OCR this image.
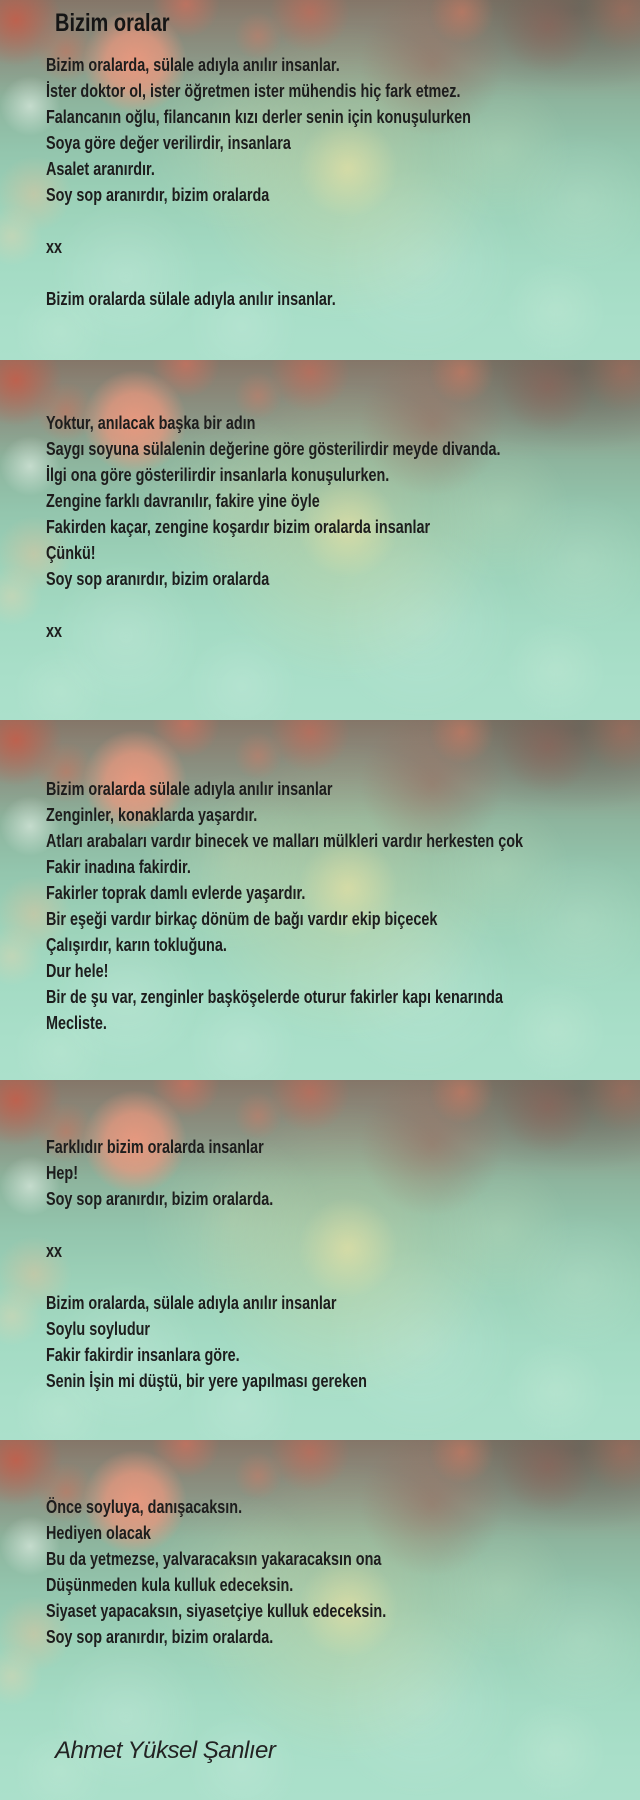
Bizim oralar
Bizim oralarda, sülale adıyla anılır insanlar.
İster doktor ol, ister öğretmen ister mühendis hiç fark etmez.
Falancanın oğlu, filancanın kızı derler senin için konuşulurken
Soya göre değer verilirdir, insanlara
Asalet aranırdır.
Soy sop aranırdır, bizim oralarda

xx

Bizim oralarda sülale adıyla anılır insanlar.
Yoktur, anılacak başka bir adın
Saygı soyuna sülalenin değerine göre gösterilirdir meyde divanda.
İlgi ona göre gösterilirdir insanlarla konuşulurken.
Zengine farklı davranılır, fakire yine öyle
Fakirden kaçar, zengine koşardır bizim oralarda insanlar
Çünkü!
Soy sop aranırdır, bizim oralarda

xx
Bizim oralarda sülale adıyla anılır insanlar
Zenginler, konaklarda yaşardır.
Atları arabaları vardır binecek ve malları mülkleri vardır herkesten çok
Fakir inadına fakirdir.
Fakirler toprak damlı evlerde yaşardır.
Bir eşeği vardır birkaç dönüm de bağı vardır ekip biçecek
Çalışırdır, karın tokluğuna.
Dur hele!
Bir de şu var, zenginler başköşelerde oturur fakirler kapı kenarında
Mecliste.
Farklıdır bizim oralarda insanlar
Hep!
Soy sop aranırdır, bizim oralarda.

xx

Bizim oralarda, sülale adıyla anılır insanlar
Soylu soyludur
Fakir fakirdir insanlara göre.
Senin İşin mi düştü, bir yere yapılması gereken
Önce soyluya, danışacaksın.
Hediyen olacak
Bu da yetmezse, yalvaracaksın yakaracaksın ona
Düşünmeden kula kulluk edeceksin.
Siyaset yapacaksın, siyasetçiye kulluk edeceksin.
Soy sop aranırdır, bizim oralarda.
Ahmet Yüksel Şanlıer
